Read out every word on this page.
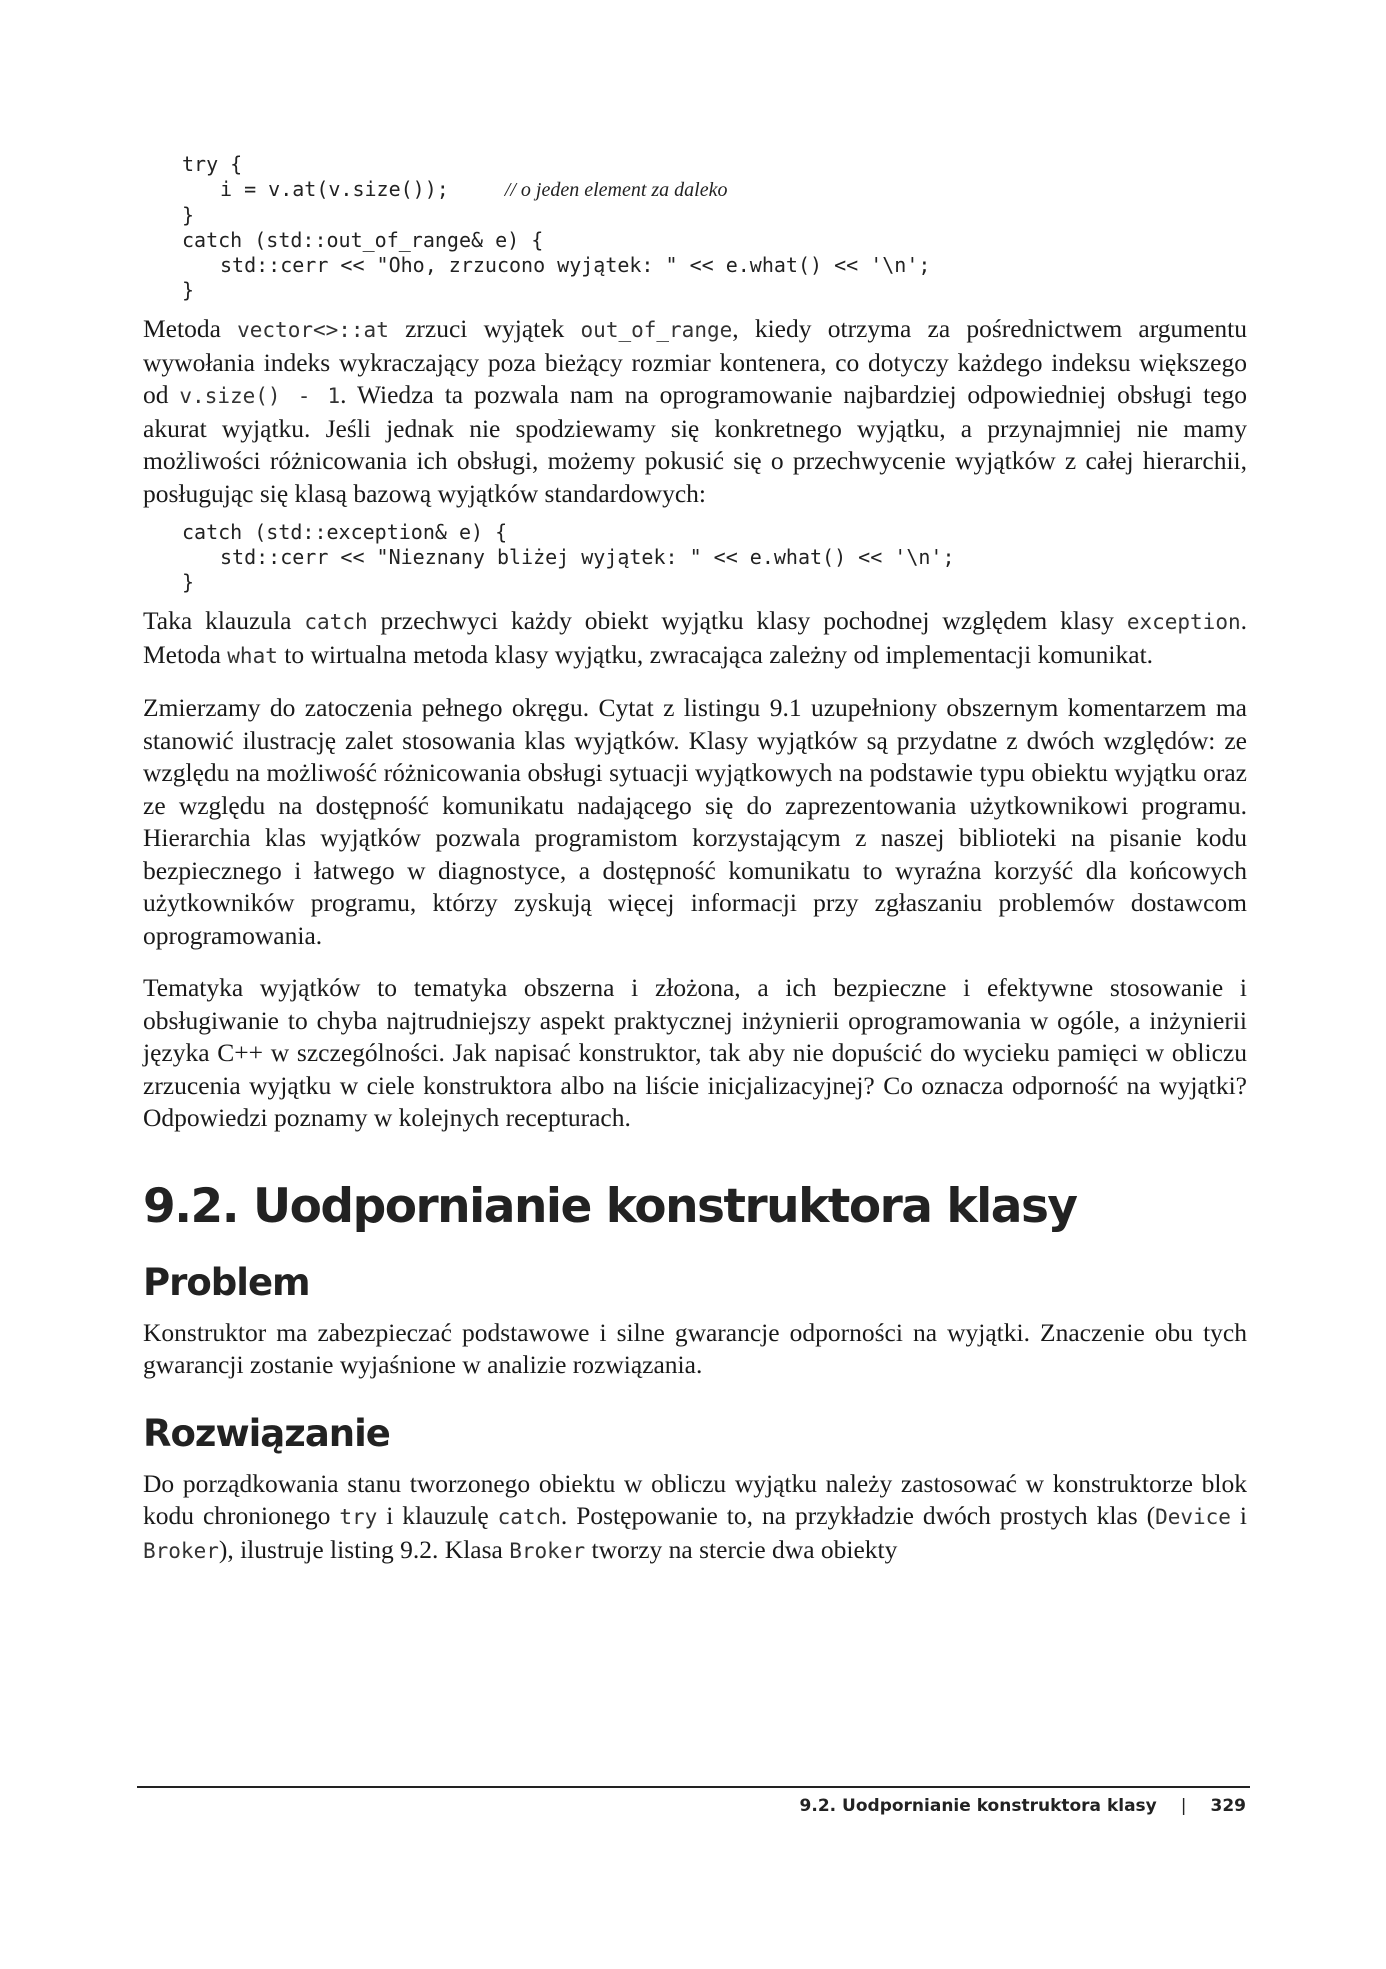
try {
i = v.at(v.size());	// o jeden element za daleko
}
catch (std::out_of_range& e) {
std::cerr << "Oho, zrzucono wyjątek: " << e.what() << '\n';
}

Metoda vector<>::at zrzuci wyjątek out_of_range, kiedy otrzyma za pośrednictwem argumentu wywołania indeks wykraczający poza bieżący rozmiar kontenera, co dotyczy każdego indeksu większego od v.size() - 1. Wiedza ta pozwala nam na oprogramowanie najbardziej odpowiedniej obsługi tego akurat wyjątku. Jeśli jednak nie spodziewamy się konkretnego wyjątku, a przynajmniej nie mamy możliwości różnicowania ich obsługi, możemy pokusić się o przechwycenie wyjątków z całej hierarchii, posługując się klasą bazową wyjątków standardowych:

catch (std::exception& e) {
std::cerr << "Nieznany bliżej wyjątek: " << e.what() << '\n';
}

Taka klauzula catch przechwyci każdy obiekt wyjątku klasy pochodnej względem klasy exception. Metoda what to wirtualna metoda klasy wyjątku, zwracająca zależny od implementacji komunikat.

Zmierzamy do zatoczenia pełnego okręgu. Cytat z listingu 9.1 uzupełniony obszernym komentarzem ma stanowić ilustrację zalet stosowania klas wyjątków. Klasy wyjątków są przydatne z dwóch względów: ze względu na możliwość różnicowania obsługi sytuacji wyjątkowych na podstawie typu obiektu wyjątku oraz ze względu na dostępność komunikatu nadającego się do zaprezentowania użytkownikowi programu. Hierarchia klas wyjątków pozwala programistom korzystającym z naszej biblioteki na pisanie kodu bezpiecznego i łatwego w diagnostyce, a dostępność komunikatu to wyraźna korzyść dla końcowych użytkowników programu, którzy zyskują więcej informacji przy zgłaszaniu problemów dostawcom oprogramowania.

Tematyka wyjątków to tematyka obszerna i złożona, a ich bezpieczne i efektywne stosowanie i obsługiwanie to chyba najtrudniejszy aspekt praktycznej inżynierii oprogramowania w ogóle, a inżynierii języka C++ w szczególności. Jak napisać konstruktor, tak aby nie dopuścić do wycieku pamięci w obliczu zrzucenia wyjątku w ciele konstruktora albo na liście inicjalizacyjnej? Co oznacza odporność na wyjątki? Odpowiedzi poznamy w kolejnych recepturach.

9.2. Uodpornianie konstruktora klasy
Problem

Konstruktor ma zabezpieczać podstawowe i silne gwarancje odporności na wyjątki. Znaczenie obu tych gwarancji zostanie wyjaśnione w analizie rozwiązania.

Rozwiązanie

Do porządkowania stanu tworzonego obiektu w obliczu wyjątku należy zastosować w konstruktorze blok kodu chronionego try i klauzulę catch. Postępowanie to, na przykładzie dwóch prostych klas (Device i Broker), ilustruje listing 9.2. Klasa Broker tworzy na stercie dwa obiekty

9.2. Uodpornianie konstruktora klasy | 329
